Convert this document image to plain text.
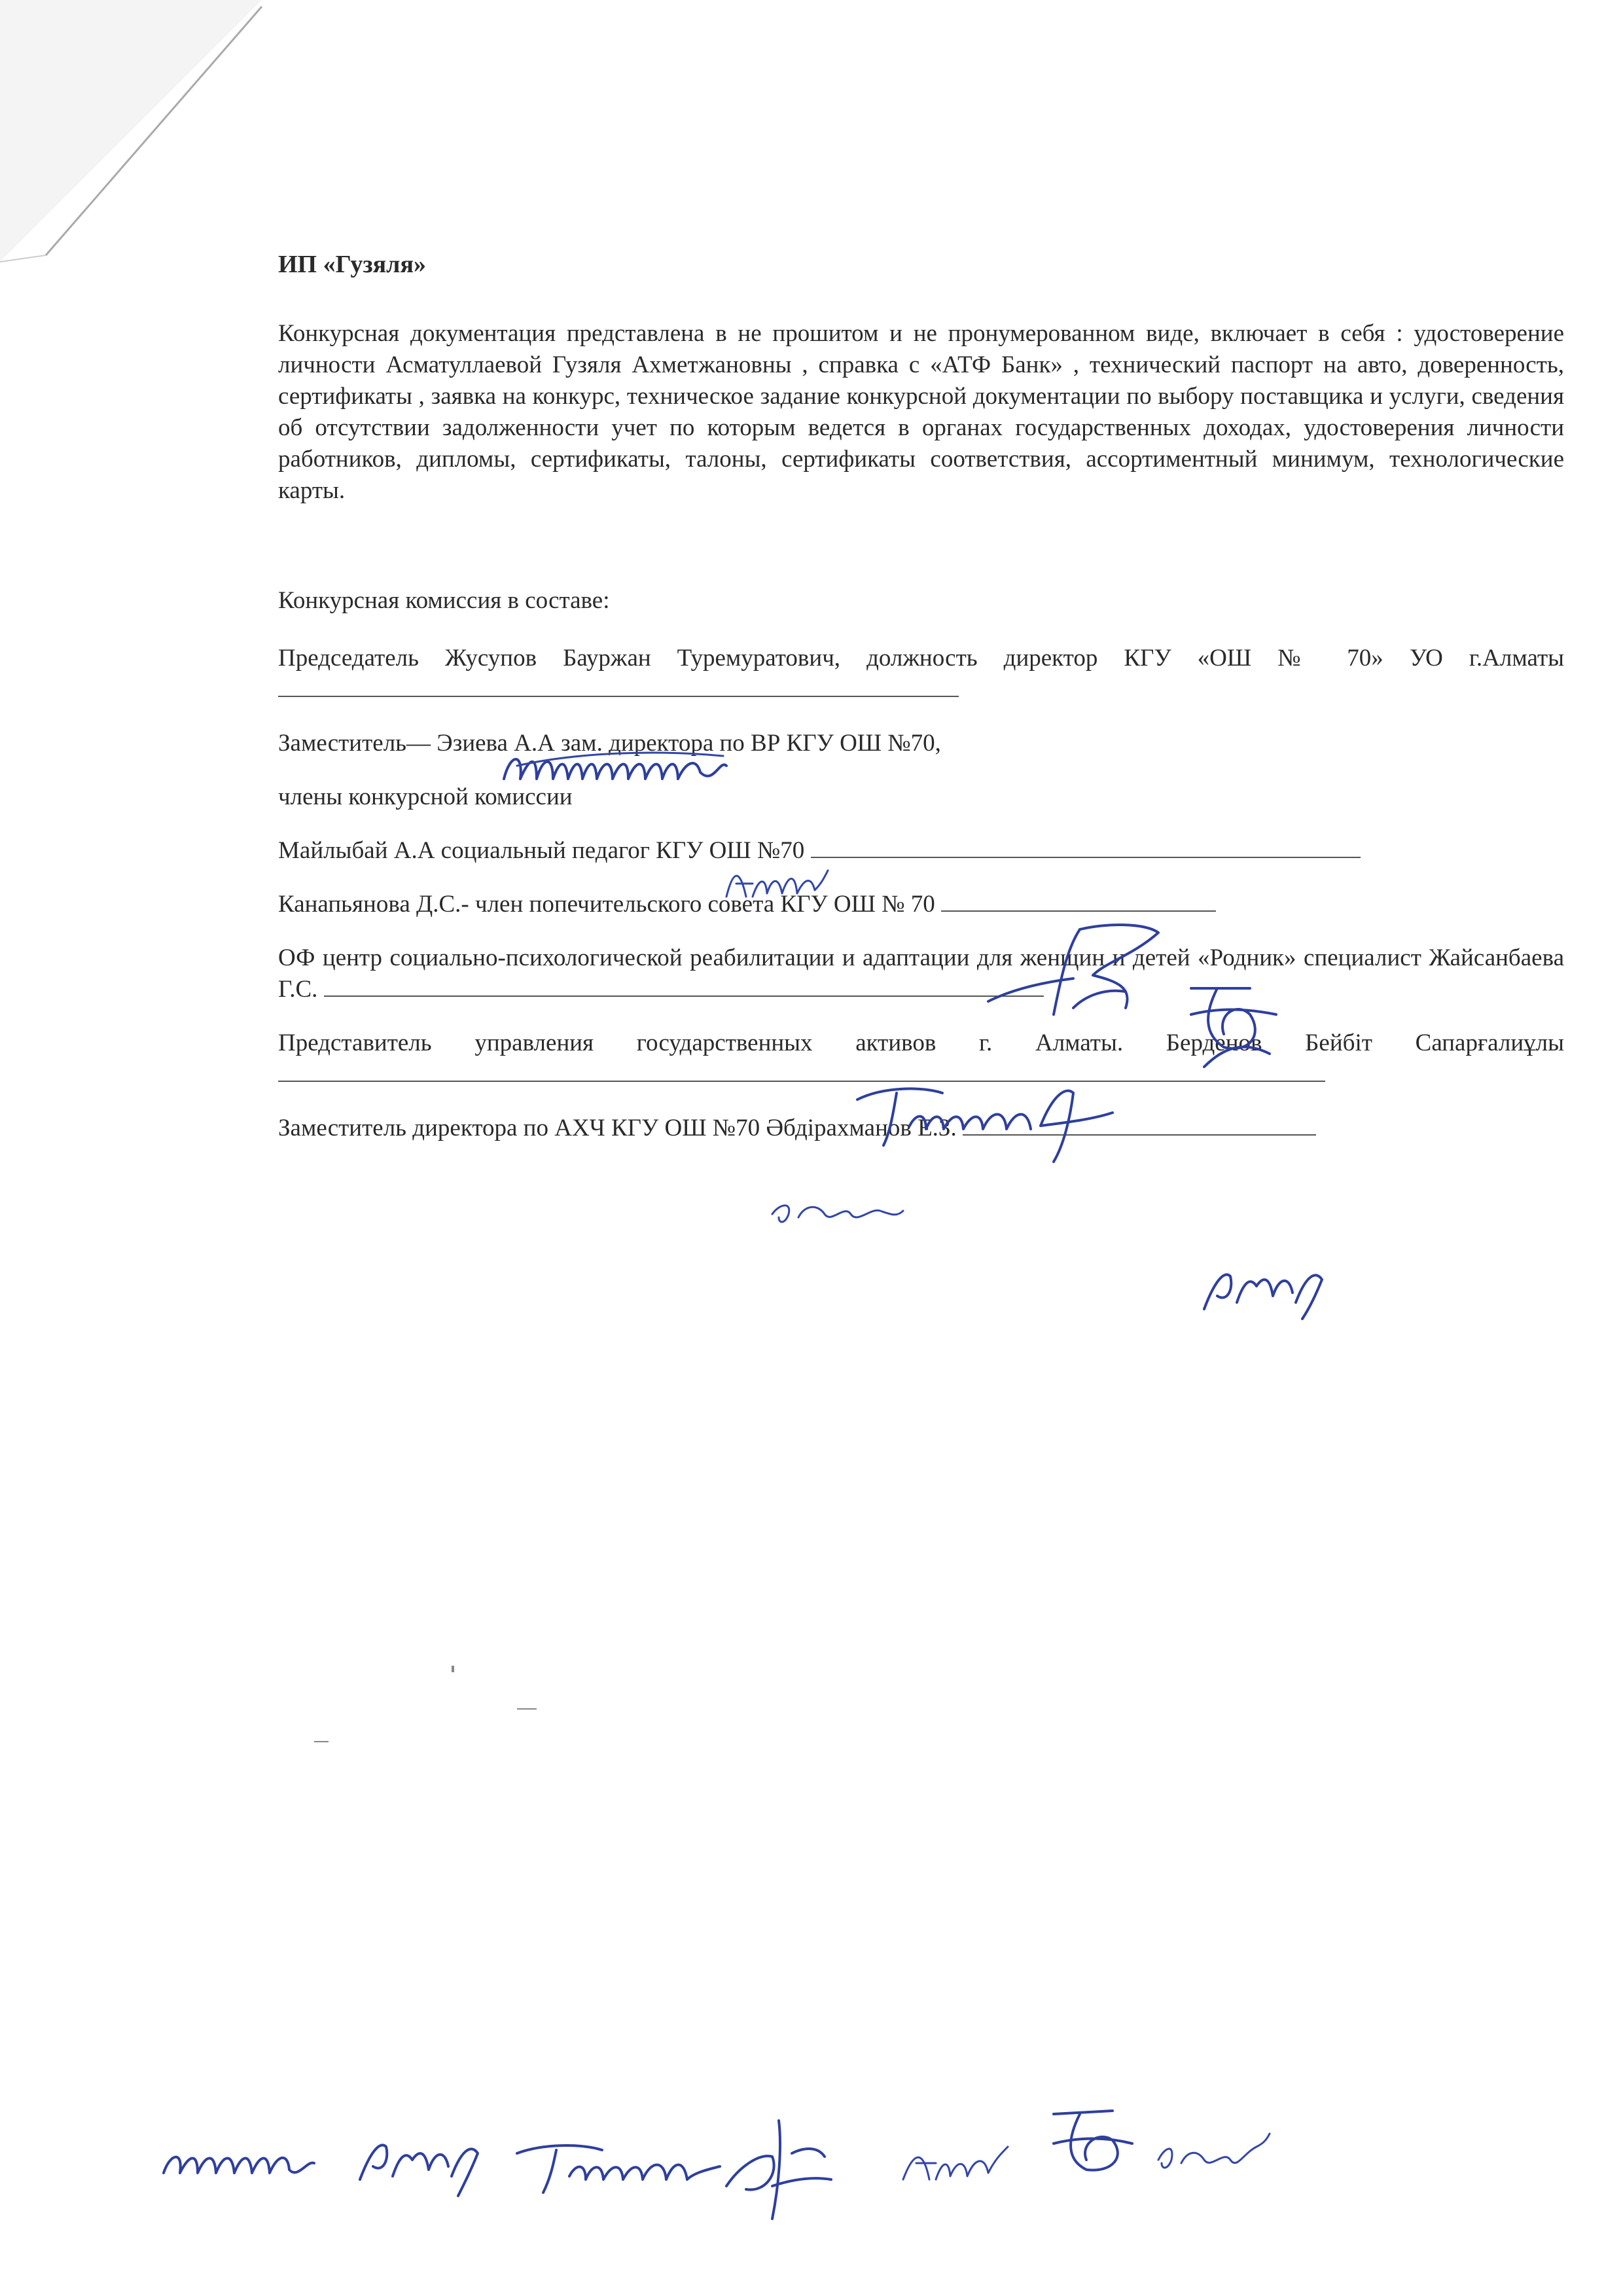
ИП «Гузяля»

Конкурсная документация представлена в не прошитом и не пронумерованном виде, включает в себя : удостоверение личности Асматуллаевой Гузяля Ахметжановны , справка с «АТФ Банк» , технический паспорт на авто, доверенность, сертификаты , заявка на конкурс, техническое задание конкурсной документации по выбору поставщика и услуги, сведения об отсутствии задолженности учет по которым ведется в органах государственных доходах, удостоверения личности работников, дипломы, сертификаты, талоны, сертификаты соответствия, ассортиментный минимум, технологические карты.

Конкурсная комиссия в составе:

Председатель Жусупов Бауржан Туремуратович, должность директор КГУ «ОШ № 70» УО г.Алматы
Заместитель— Эзиева А.А зам. директора по ВР КГУ ОШ №70,
члены конкурсной комиссии
Майлыбай А.А социальный педагог КГУ ОШ №70
Канапьянова Д.С.- член попечительского совета КГУ ОШ № 70
ОФ центр социально-психологической реабилитации и адаптации для женщин и детей «Родник» специалист Жайсанбаева Г.С.
Представитель управления государственных активов г. Алматы. Берденов Бейбіт Сапарғалиұлы
Заместитель директора по АХЧ КГУ ОШ №70 Әбдірахманов Е.З.
